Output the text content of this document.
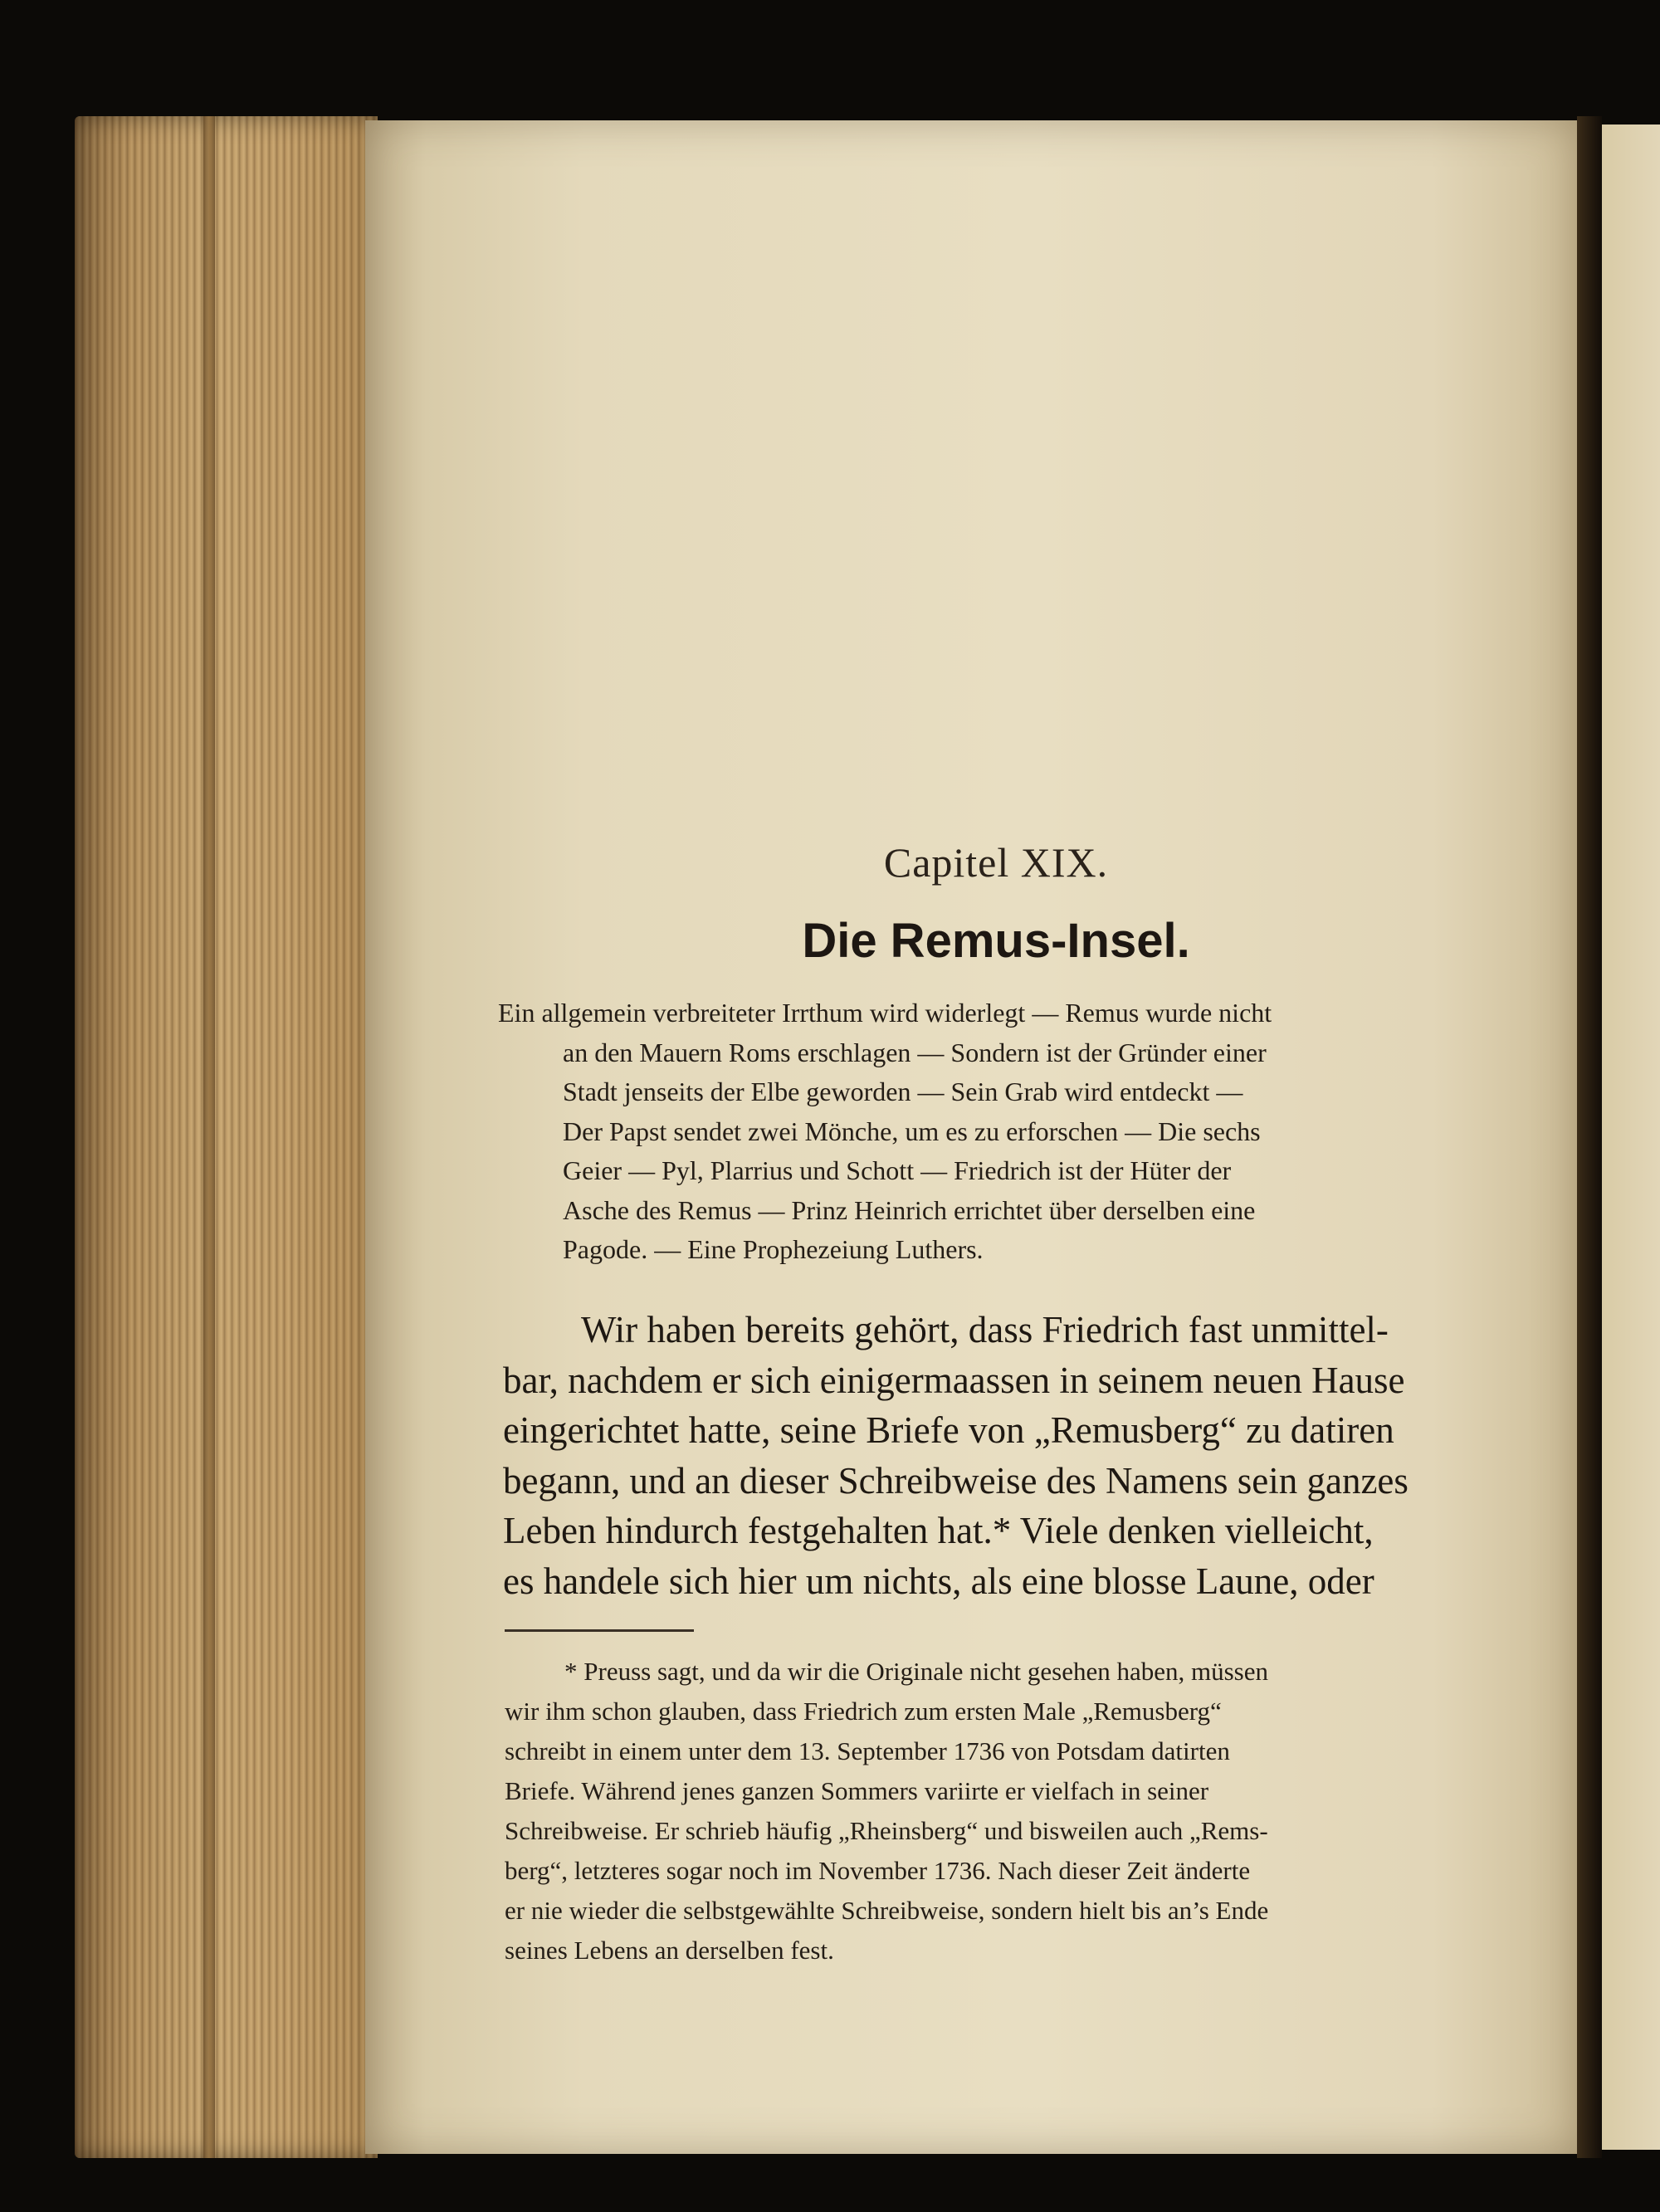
Capitel XIX.
Die Remus-Insel.
Ein allgemein verbreiteter Irrthum wird widerlegt — Remus wurde nicht
an den Mauern Roms erschlagen — Sondern ist der Gründer einer
Stadt jenseits der Elbe geworden — Sein Grab wird entdeckt —
Der Papst sendet zwei Mönche, um es zu erforschen — Die sechs
Geier — Pyl, Plarrius und Schott — Friedrich ist der Hüter der
Asche des Remus — Prinz Heinrich errichtet über derselben eine
Pagode. — Eine Prophezeiung Luthers.
Wir haben bereits gehört, dass Friedrich fast unmittel-
bar, nachdem er sich einigermaassen in seinem neuen Hause
eingerichtet hatte, seine Briefe von „Remusberg“ zu datiren
begann, und an dieser Schreibweise des Namens sein ganzes
Leben hindurch festgehalten hat.* Viele denken vielleicht,
es handele sich hier um nichts, als eine blosse Laune, oder
* Preuss sagt, und da wir die Originale nicht gesehen haben, müssen
wir ihm schon glauben, dass Friedrich zum ersten Male „Remusberg“
schreibt in einem unter dem 13. September 1736 von Potsdam datirten
Briefe. Während jenes ganzen Sommers variirte er vielfach in seiner
Schreibweise. Er schrieb häufig „Rheinsberg“ und bisweilen auch „Rems-
berg“, letzteres sogar noch im November 1736. Nach dieser Zeit änderte
er nie wieder die selbstgewählte Schreibweise, sondern hielt bis an’s Ende
seines Lebens an derselben fest.
